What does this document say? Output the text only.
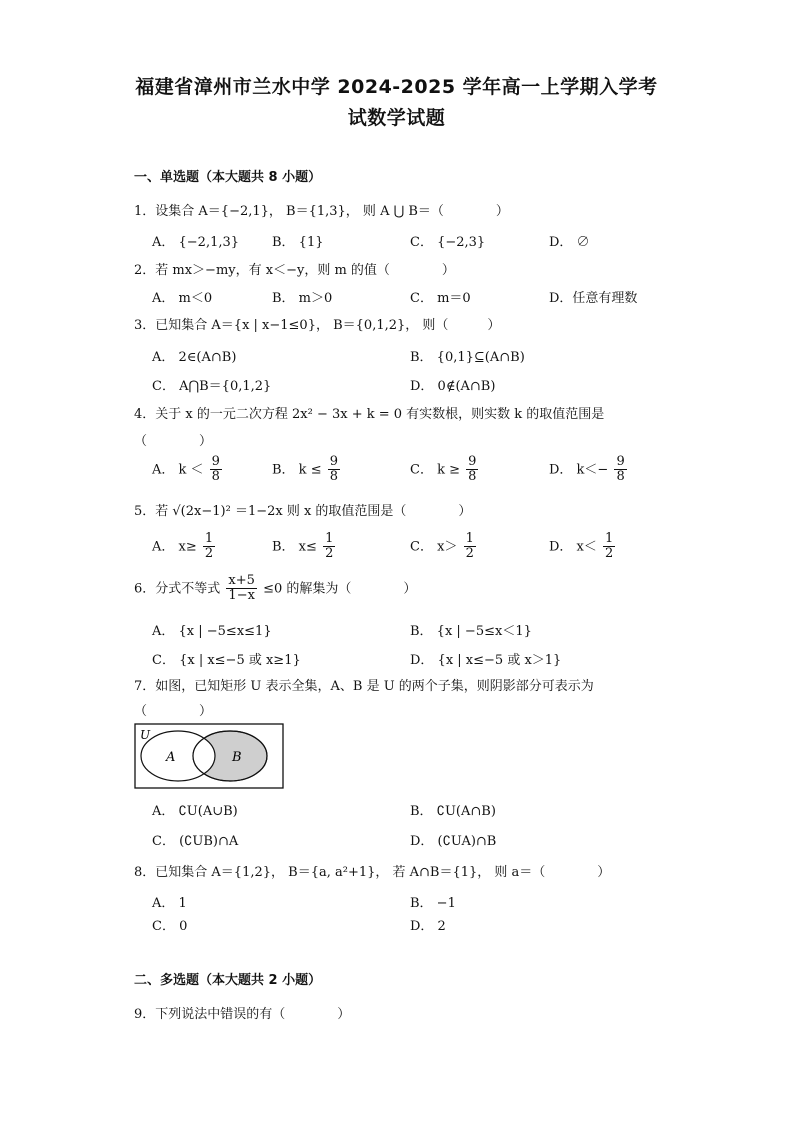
福建省漳州市兰水中学 2024-2025 学年高一上学期入学考
试数学试题
一、单选题（本大题共 8 小题）
1．设集合 A＝{−2,1}， B＝{1,3}， 则 A ⋃ B＝（　　　　）
A． {−2,1,3}	B． {1}	C． {−2,3}	D． ∅
2．若 mx＞−my，有 x＜−y，则 m 的值（　　　　）
A． m＜0	B． m＞0	C． m＝0	D．任意有理数
3．已知集合 A＝{x | x−1≤0}， B＝{0,1,2}， 则（　　　）
A． 2∈(A∩B)	B． {0,1}⊆(A∩B)
C． A⋂B＝{0,1,2}	D． 0∉(A∩B)
4．关于 x 的一元二次方程 2x² − 3x + k = 0 有实数根，则实数 k 的取值范围是
（　　　　）
A． $k < \frac{9}{8}$	B． $k \le \frac{9}{8}$	C． $k \ge \frac{9}{8}$	D． $k<- \frac{9}{8}$
5．若 √(2x−1)² ＝1−2x 则 x 的取值范围是（　　　　）
A． $x\ge \frac{1}{2}$	B． $x\le \frac{1}{2}$	C． $x> \frac{1}{2}$	D． $x< \frac{1}{2}$
6．分式不等式 $\frac{x+5}{1-x} \le 0$ 的解集为（　　　　）
A． {x | −5≤x≤1}	B． {x | −5≤x＜1}
C． {x | x≤−5 或 x≥1}	D． {x | x≤−5 或 x＞1}
7．如图，已知矩形 U 表示全集，A、B 是 U 的两个子集，则阴影部分可表示为
（　　　　）
U
A	B
A． ∁U(A∪B)	B． ∁U(A∩B)
C． (∁UB)∩A	D． (∁UA)∩B
8．已知集合 A＝{1,2}， B＝{a, a²+1}， 若 A∩B＝{1}， 则 a＝（　　　　）
A． 1	B． −1
C． 0	D． 2
二、多选题（本大题共 2 小题）
9．下列说法中错误的有（　　　　）
